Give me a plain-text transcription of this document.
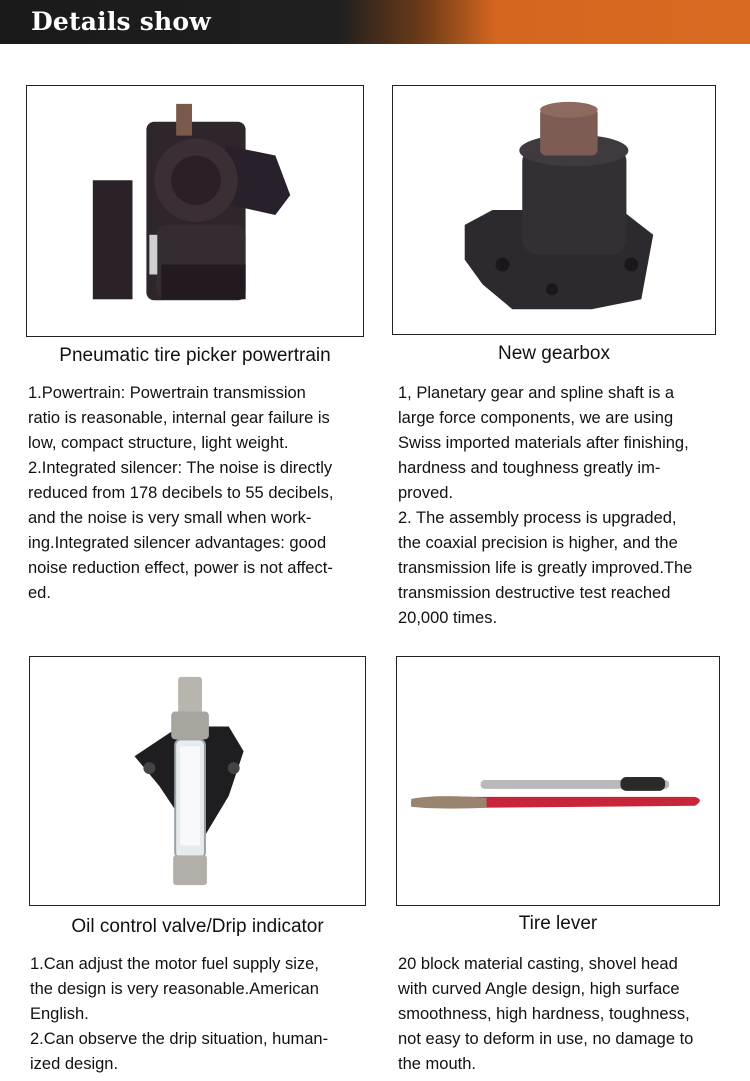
Details show
Pneumatic tire picker powertrain

1.Powertrain: Powertrain transmission

ratio is reasonable, internal gear failure is

low, compact structure, light weight.

2.Integrated silencer: The noise is directly

reduced from 178 decibels to 55 decibels,

and the noise is very small when work-

ing.Integrated silencer advantages: good

noise reduction effect, power is not affect-

ed.

New gearbox

1, Planetary gear and spline shaft is a

large force components, we are using

Swiss imported materials after finishing,

hardness and toughness greatly im-

proved.

2. The assembly process is upgraded,

the coaxial precision is higher, and the

transmission life is greatly improved.The

transmission destructive test reached

20,000 times.

Oil control valve/Drip indicator

1.Can adjust the motor fuel supply size,

the design is very reasonable.American

English.

2.Can observe the drip situation, human-

ized design.

Tire lever

20 block material casting, shovel head

with curved Angle design, high surface

smoothness, high hardness, toughness,

not easy to deform in use, no damage to

the mouth.
